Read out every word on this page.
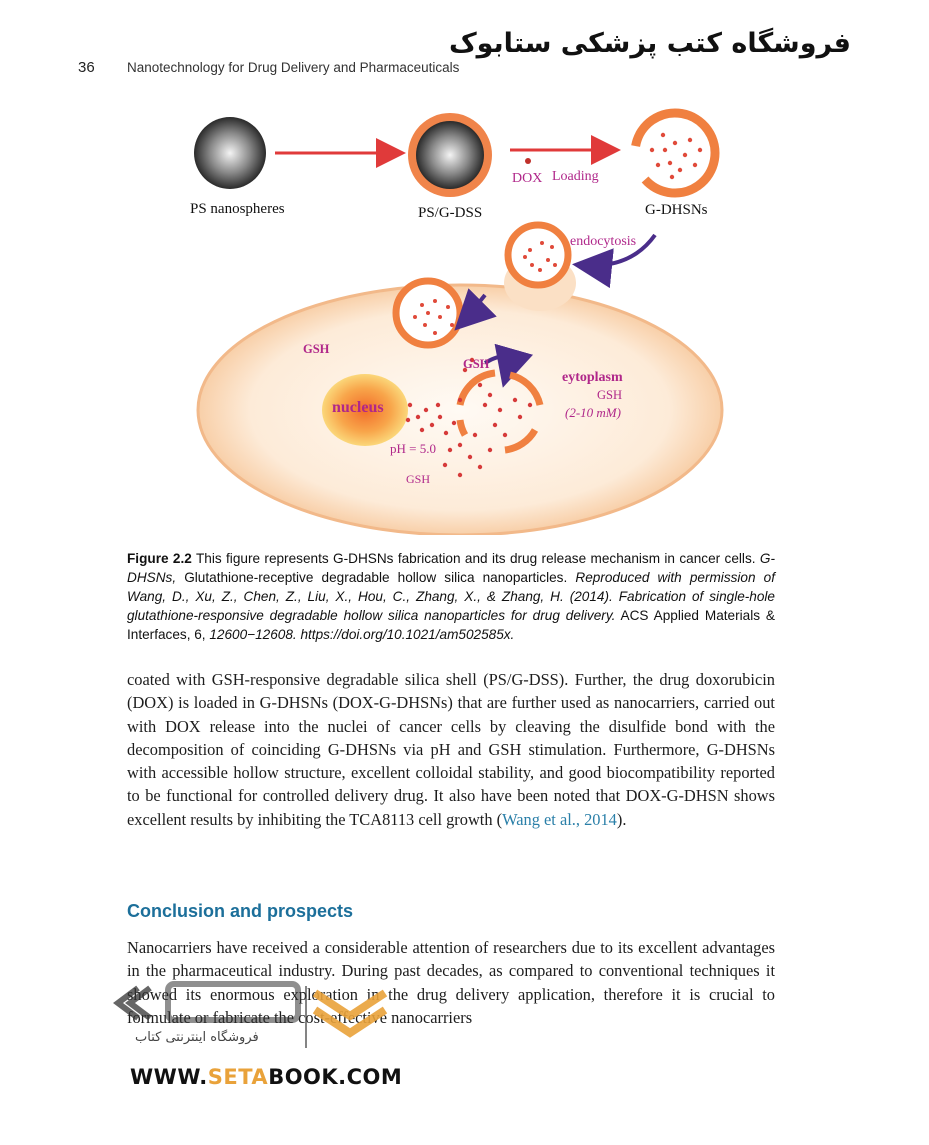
36 Nanotechnology for Drug Delivery and Pharmaceuticals
فروشگاه کتب پزشکی ستابوک
PS nanospheres	PS/G-DSS	G-DHSNs
DOX Loading
endocytosis
GSH
GSH
eytoplasm
GSH
(2-10 mM)
nucleus
pH = 5.0
GSH
Figure 2.2 This figure represents G-DHSNs fabrication and its drug release mechanism in cancer cells. G-DHSNs, Glutathione-receptive degradable hollow silica nanoparticles. Reproduced with permission of Wang, D., Xu, Z., Chen, Z., Liu, X., Hou, C., Zhang, X., & Zhang, H. (2014). Fabrication of single-hole glutathione-responsive degradable hollow silica nanoparticles for drug delivery. ACS Applied Materials & Interfaces, 6, 12600−12608. https://doi.org/10.1021/am502585x.
coated with GSH-responsive degradable silica shell (PS/G-DSS). Further, the drug doxorubicin (DOX) is loaded in G-DHSNs (DOX-G-DHSNs) that are further used as nanocarriers, carried out with DOX release into the nuclei of cancer cells by cleaving the disulfide bond with the decomposition of coinciding G-DHSNs via pH and GSH stimulation. Furthermore, G-DHSNs with accessible hollow structure, excellent colloidal stability, and good biocompatibility reported to be functional for controlled delivery drug. It also have been noted that DOX-G-DHSN shows excellent results by inhibiting the TCA8113 cell growth (Wang et al., 2014).
Conclusion and prospects
Nanocarriers have received a considerable attention of researchers due to its excellent advantages in the pharmaceutical industry. During past decades, as compared to conventional techniques it showed its enormous exploration in the drug delivery application, therefore it is crucial to formulate or fabricate the cost-effective nanocarriers
فروشگاه اینترنتی کتاب
WWW.SETABOOK.COM
